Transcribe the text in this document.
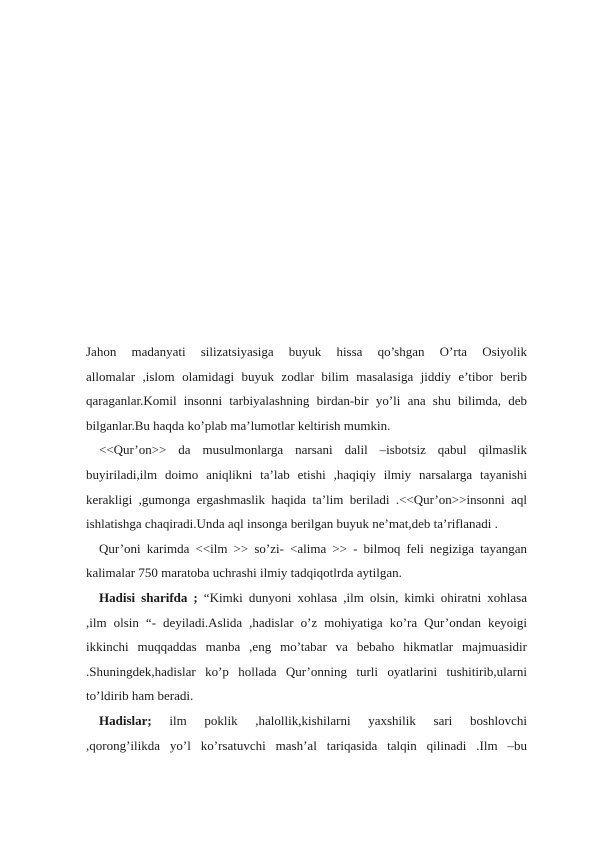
Jahon madanyati silizatsiyasiga buyuk hissa qo’shgan O’rta Osiyolik
allomalar ,islom olamidagi buyuk zodlar bilim masalasiga jiddiy e’tibor berib
qaraganlar.Komil insonni tarbiyalashning birdan-bir yo’li ana shu bilimda, deb
bilganlar.Bu haqda ko’plab ma’lumotlar keltirish mumkin.
<<Qur’on>> da musulmonlarga narsani dalil –isbotsiz qabul qilmaslik
buyiriladi,ilm doimo aniqlikni ta’lab etishi ,haqiqiy ilmiy narsalarga tayanishi
kerakligi ,gumonga ergashmaslik haqida ta’lim beriladi .<<Qur’on>>insonni aql
ishlatishga chaqiradi.Unda aql insonga berilgan buyuk ne’mat,deb ta’riflanadi .
Qur’oni karimda <<ilm >> so’zi- <alima >> - bilmoq feli negiziga tayangan
kalimalar 750 maratoba uchrashi ilmiy tadqiqotlrda aytilgan.
Hadisi sharifda ; “Kimki dunyoni xohlasa ,ilm olsin, kimki ohiratni xohlasa
,ilm olsin “- deyiladi.Aslida ,hadislar o’z mohiyatiga ko’ra Qur’ondan keyoigi
ikkinchi muqqaddas manba ,eng mo’tabar va bebaho hikmatlar majmuasidir
.Shuningdek,hadislar ko’p hollada Qur’onning turli oyatlarini tushitirib,ularni
to’ldirib ham beradi.
Hadislar; ilm poklik ,halollik,kishilarni yaxshilik sari boshlovchi
,qorong’ilikda yo’l ko’rsatuvchi mash’al tariqasida talqin qilinadi .Ilm –bu
